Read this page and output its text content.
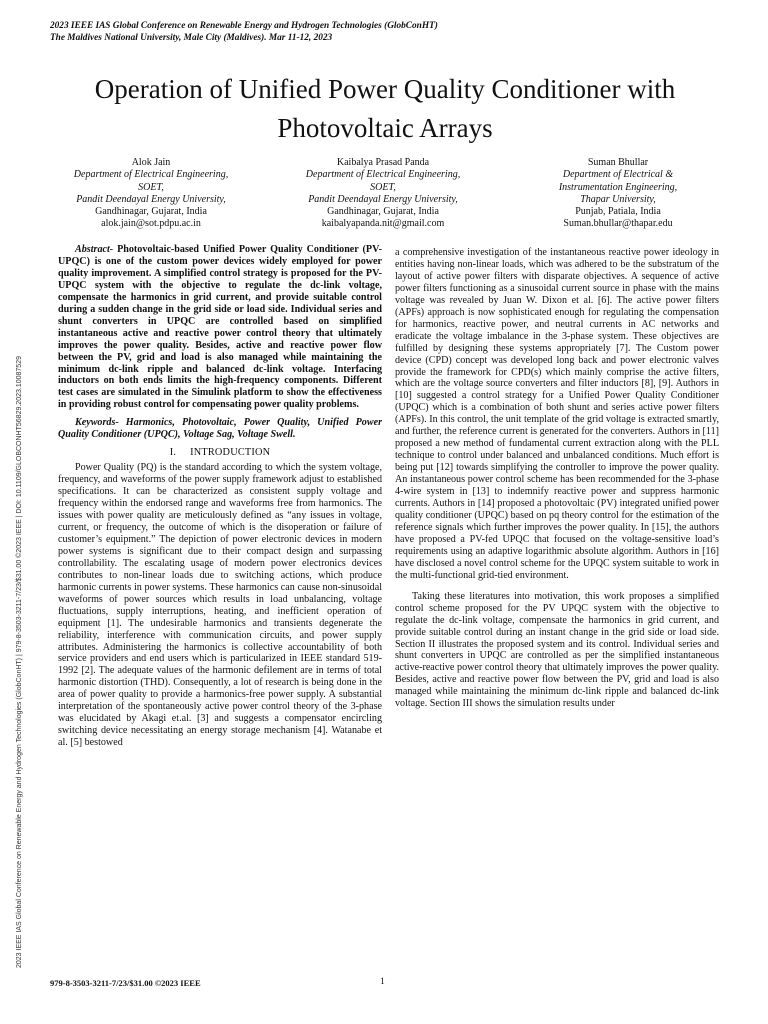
2023 IEEE IAS Global Conference on Renewable Energy and Hydrogen Technologies (GlobConHT)
The Maldives National University, Male City (Maldives). Mar 11-12, 2023
2023 IEEE IAS Global Conference on Renewable Energy and Hydrogen Technologies (GlobConHT) | 979-8-3503-3211-7/23/$31.00 ©2023 IEEE | DOI: 10.1109/GLOBCONHT56829.2023.10087529
Operation of Unified Power Quality Conditioner with
Photovoltaic Arrays
Alok Jain
Department of Electrical Engineering,
SOET,
Pandit Deendayal Energy University,
Gandhinagar, Gujarat, India
alok.jain@sot.pdpu.ac.in
Kaibalya Prasad Panda
Department of Electrical Engineering,
SOET,
Pandit Deendayal Energy University,
Gandhinagar, Gujarat, India
kaibalyapanda.nit@gmail.com
Suman Bhullar
Department of Electrical &
Instrumentation Engineering,
Thapar University,
Punjab, Patiala, India
Suman.bhullar@thapar.edu

Abstract- Photovoltaic-based Unified Power Quality Conditioner (PV-UPQC) is one of the custom power devices widely employed for power quality improvement. A simplified control strategy is proposed for the PV-UPQC system with the objective to regulate the dc-link voltage, compensate the harmonics in grid current, and provide suitable control during a sudden change in the grid side or load side. Individual series and shunt converters in UPQC are controlled based on simplified instantaneous active and reactive power control theory that ultimately improves the power quality. Besides, active and reactive power flow between the PV, grid and load is also managed while maintaining the minimum dc-link ripple and balanced dc-link voltage. Interfacing inductors on both ends limits the high-frequency components. Different test cases are simulated in the Simulink platform to show the effectiveness in providing robust control for compensating power quality problems.

Keywords- Harmonics, Photovoltaic, Power Quality, Unified Power Quality Conditioner (UPQC), Voltage Sag, Voltage Swell.

I. INTRODUCTION

Power Quality (PQ) is the standard according to which the system voltage, frequency, and waveforms of the power supply framework adjust to established specifications. It can be characterized as consistent supply voltage and frequency within the endorsed range and waveforms free from harmonics. The issues with power quality are meticulously defined as “any issues in voltage, current, or frequency, the outcome of which is the disoperation or failure of customer’s equipment.” The depiction of power electronic devices in modern power systems is significant due to their compact design and surpassing controllability. The escalating usage of modern power electronics devices contributes to non-linear loads due to switching actions, which produce harmonic currents in power systems. These harmonics can cause non-sinusoidal waveforms of power sources which results in load unbalancing, voltage fluctuations, supply interruptions, heating, and inefficient operation of equipment [1]. The undesirable harmonics and transients degenerate the reliability, interference with communication circuits, and power supply attributes. Administering the harmonics is collective accountability of both service providers and end users which is particularized in IEEE standard 519-1992 [2]. The adequate values of the harmonic defilement are in terms of total harmonic distortion (THD). Consequently, a lot of research is being done in the area of power quality to provide a harmonics-free power supply. A substantial interpretation of the spontaneously active power control theory of the 3-phase was elucidated by Akagi et.al. [3] and suggests a compensator encircling switching device necessitating an energy storage mechanism [4]. Watanabe et al. [5] bestowed

a comprehensive investigation of the instantaneous reactive power ideology in entities having non-linear loads, which was adhered to be the substratum of the layout of active power filters with disparate objectives. A sequence of active power filters functioning as a sinusoidal current source in phase with the mains voltage was revealed by Juan W. Dixon et al. [6]. The active power filters (APFs) approach is now sophisticated enough for regulating the compensation for harmonics, reactive power, and neutral currents in AC networks and eradicate the voltage imbalance in the 3-phase system. These objectives are fulfilled by designing these systems appropriately [7]. The Custom power device (CPD) concept was developed long back and power electronic valves provide the framework for CPD(s) which mainly comprise the active filters, which are the voltage source converters and filter inductors [8], [9]. Authors in [10] suggested a control strategy for a Unified Power Quality Conditioner (UPQC) which is a combination of both shunt and series active power filters (APFs). In this control, the unit template of the grid voltage is extracted smartly, and further, the reference current is generated for the converters. Authors in [11] proposed a new method of fundamental current extraction along with the PLL technique to control under balanced and unbalanced conditions. Much effort is being put [12] towards simplifying the controller to improve the power quality. An instantaneous power control scheme has been recommended for the 3-phase 4-wire system in [13] to indemnify reactive power and suppress harmonic currents. Authors in [14] proposed a photovoltaic (PV) integrated unified power quality conditioner (UPQC) based on pq theory control for the estimation of the reference signals which further improves the power quality. In [15], the authors have proposed a PV-fed UPQC that focused on the voltage-sensitive load’s requirements using an adaptive logarithmic absolute algorithm. Authors in [16] have disclosed a novel control scheme for the UPQC system suitable to work in the multi-functional grid-tied environment.

Taking these literatures into motivation, this work proposes a simplified control scheme proposed for the PV UPQC system with the objective to regulate the dc-link voltage, compensate the harmonics in grid current, and provide suitable control during an instant change in the grid side or load side. Section II illustrates the proposed system and its control. Individual series and shunt converters in UPQC are controlled as per the simplified instantaneous active-reactive power control theory that ultimately improves the power quality. Besides, active and reactive power flow between the PV, grid and load is also managed while maintaining the minimum dc-link ripple and balanced dc-link voltage. Section III shows the simulation results under

979-8-3503-3211-7/23/$31.00 ©2023 IEEE	1
